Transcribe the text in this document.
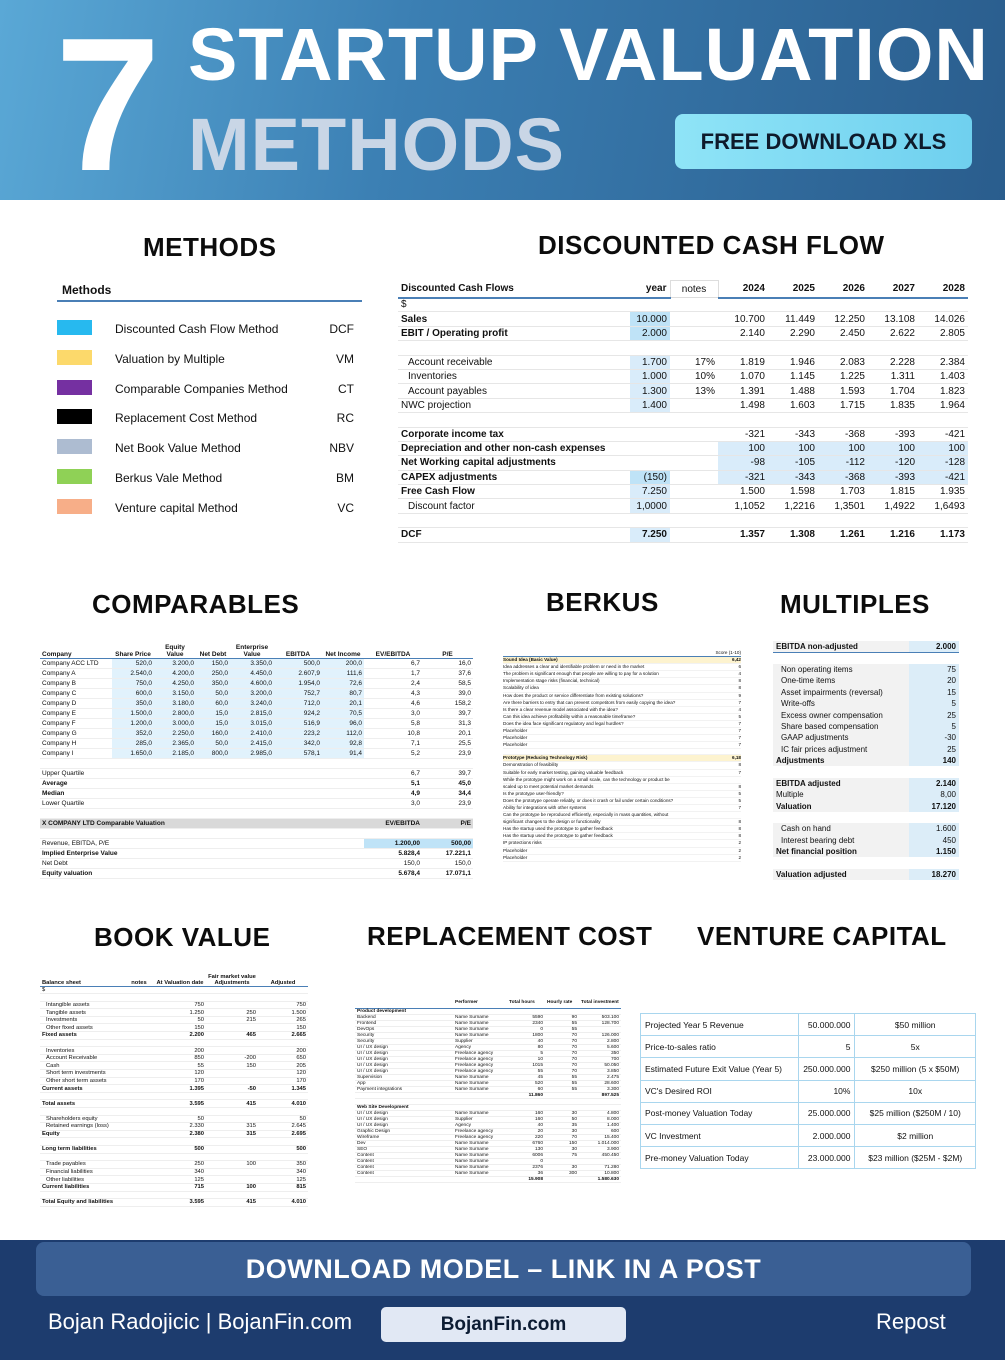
7 STARTUP VALUATION
METHODS	FREE DOWNLOAD XLS
METHODS	DISCOUNTED CASH FLOW
COMPARABLES	BERKUS	MULTIPLES
BOOK VALUE	REPLACEMENT COST VENTURE CAPITAL
Methods
Discounted Cash Flow Method	DCF
Valuation by Multiple	VM
Comparable Companies Method	CT
Replacement Cost Method	RC
Net Book Value Method	NBV
Berkus Vale Method	BM
Venture capital Method	VC
Discounted Cash Flows	year	notes	2024	2025	2026	2027	2028
$							
Sales	10.000		10.700	11.449	12.250	13.108	14.026
EBIT / Operating profit	2.000		2.140	2.290	2.450	2.622	2.805

Account receivable	1.700	17%	1.819	1.946	2.083	2.228	2.384
Inventories	1.000	10%	1.070	1.145	1.225	1.311	1.403
Account payables	1.300	13%	1.391	1.488	1.593	1.704	1.823
NWC projection	1.400		1.498	1.603	1.715	1.835	1.964

Corporate income tax			-321	-343	-368	-393	-421
Depreciation and other non-cash expenses			100	100	100	100	100
Net Working capital adjustments			-98	-105	-112	-120	-128
CAPEX adjustments	(150)		-321	-343	-368	-393	-421
Free Cash Flow	7.250		1.500	1.598	1.703	1.815	1.935
Discount factor	1,0000		1,1052	1,2216	1,3501	1,4922	1,6493

DCF	7.250		1.357	1.308	1.261	1.216	1.173
Company	Share Price	Equity Value	Net Debt	Enterprise Value	EBITDA	Net Income	EV/EBITDA	P/E
Company ACC LTD	520,0	3.200,0	150,0	3.350,0	500,0	200,0	6,7	16,0
Company A	2.540,0	4.200,0	250,0	4.450,0	2.607,9	111,6	1,7	37,6
Company B	750,0	4.250,0	350,0	4.600,0	1.954,0	72,6	2,4	58,5
Company C	600,0	3.150,0	50,0	3.200,0	752,7	80,7	4,3	39,0
Company D	350,0	3.180,0	60,0	3.240,0	712,0	20,1	4,6	158,2
Company E	1.500,0	2.800,0	15,0	2.815,0	924,2	70,5	3,0	39,7
Company F	1.200,0	3.000,0	15,0	3.015,0	516,9	96,0	5,8	31,3
Company G	352,0	2.250,0	160,0	2.410,0	223,2	112,0	10,8	20,1
Company H	285,0	2.365,0	50,0	2.415,0	342,0	92,8	7,1	25,5
Company I	1.650,0	2.185,0	800,0	2.985,0	578,1	91,4	5,2	23,9

Upper Quartile							6,7	39,7
Average							5,1	45,0
Median							4,9	34,4
Lower Quartile							3,0	23,9

X COMPANY LTD Comparable Valuation							EV/EBITDA	P/E

Revenue, EBITDA, P/E							1.200,00	500,00
Implied Enterprise Value							5.828,4	17.221,1
Net Debt							150,0	150,0
Equity valuation							5.678,4	17.071,1
Score (1-10)
Sound Idea (Basic Value)	6,42
Idea addresses a clear and identifiable problem or need in the market	6
The problem is significant enough that people are willing to pay for a solution	4
Implementation stage risks (financial, technical)	8
Scalability of idea	8
How does the product or service differentiate from existing solutions?	9
Are there barriers to entry that can prevent competitors from easily copying the idea?	7
Is there a clear revenue model associated with the idea?	4
Can this idea achieve profitability within a reasonable timeframe?	5
Does the idea face significant regulatory and legal hurdles?	7
Placeholder	7
Placeholder	7
Placeholder	7
Prototype (Reducing Technology Risk)	6,18
Demonstration of feasibility	8
Suitable for early market testing, gaining valuable feedback	7
While the prototype might work on a small scale, can the technology or product be
scaled up to meet potential market demands	8
Is the prototype user-friendly?	5
Does the prototype operate reliably, or does it crash or fail under certain conditions?	5
Ability for integrations with other systems	7
Can the prototype be reproduced efficiently, especially in mass quantities, without
significant changes to the design or functionality	8
Has the startup used the prototype to gather feedback	8
Has the startup used the prototype to gather feedback	8
IP protections risks	2
Placeholder	2
Placeholder	2
EBITDA non-adjusted	2.000

Non operating items	75
One-time items	20
Asset impairments (reversal)	15
Write-offs	5
Excess owner compensation	25
Share based compensation	5
GAAP adjustments	-30
IC fair prices adjustment	25
Adjustments	140

EBITDA adjusted	2.140
Multiple	8,00
Valuation	17.120

Cash on hand	1.600
Interest bearing debt	450
Net financial position	1.150

Valuation adjusted	18.270
Balance sheet	notes	At Valuation date	Fair market value Adjustments	Adjusted
$				

Intangible assets		750		750
Tangible assets		1.250	250	1.500
Investments		50	215	265
Other fixed assets		150		150
Fixed assets		2.200	465	2.665

Inventories		200		200
Account Receivable		850	-200	650
Cash		55	150	205
Short term investments		120		120
Other short term assets		170		170
Current assets		1.395	-50	1.345

Total assets		3.595	415	4.010

Shareholders equity		50		50
Retained earnings (loss)		2.330	315	2.645
Equity		2.380	315	2.695

Long term liabilities		500		500

Trade payables		250	100	350
Financial liabilities		340		340
Other liabilities		125		125
Current liabilities		715	100	815

Total Equity and liabilities		3.595	415	4.010
	Performer	Total hours	Hourly rate	Total investment
Product development				
Backend	Name Surname	5590	90	503.100
Frontend	Name Surname	2340	55	128.700
DevOps	Name Surname	0	55	
Security	Name Surname	1800	70	126.000
Security	Supplier	40	70	2.800
UI / UX design	Agency	80	70	5.600
UI / UX design	Freelance agency	5	70	350
UI / UX design	Freelance agency	10	70	700
UI / UX design	Freelance agency	1015	70	50.050
UI / UX design	Freelance agency	55	70	3.850
Supervision	Name Surname	45	55	2.475
App	Name Surname	520	55	28.600
Payment integrations	Name Surname	60	55	3.300
		11.860		897.525

Web Site Development				
UI / UX design	Name Surname	160	30	4.800
UI / UX design	Supplier	160	50	8.000
UI / UX design	Agency	40	35	1.400
Graphic Design	Freelance agency	20	30	600
Wireframe	Freelance agency	220	70	15.400
Dev	Name Surname	6760	150	1.014.000
SEO	Name Surname	130	30	3.900
Content	Name Surname	6006	75	450.450
Content	Name Surname	0		
Content	Name Surname	2376	30	71.280
Content	Name Surname	36	300	10.800
		15.908		1.580.630
Projected Year 5 Revenue	50.000.000	$50 million
Price-to-sales ratio	5	5x
Estimated Future Exit Value (Year 5)	250.000.000	$250 million (5 x $50M)
VC's Desired ROI	10%	10x
Post-money Valuation Today	25.000.000	$25 million ($250M / 10)
VC Investment	2.000.000	$2 million
Pre-money Valuation Today	23.000.000	$23 million ($25M - $2M)
DOWNLOAD MODEL – LINK IN A POST
Bojan Radojicic | BojanFin.com	BojanFin.com	Repost
